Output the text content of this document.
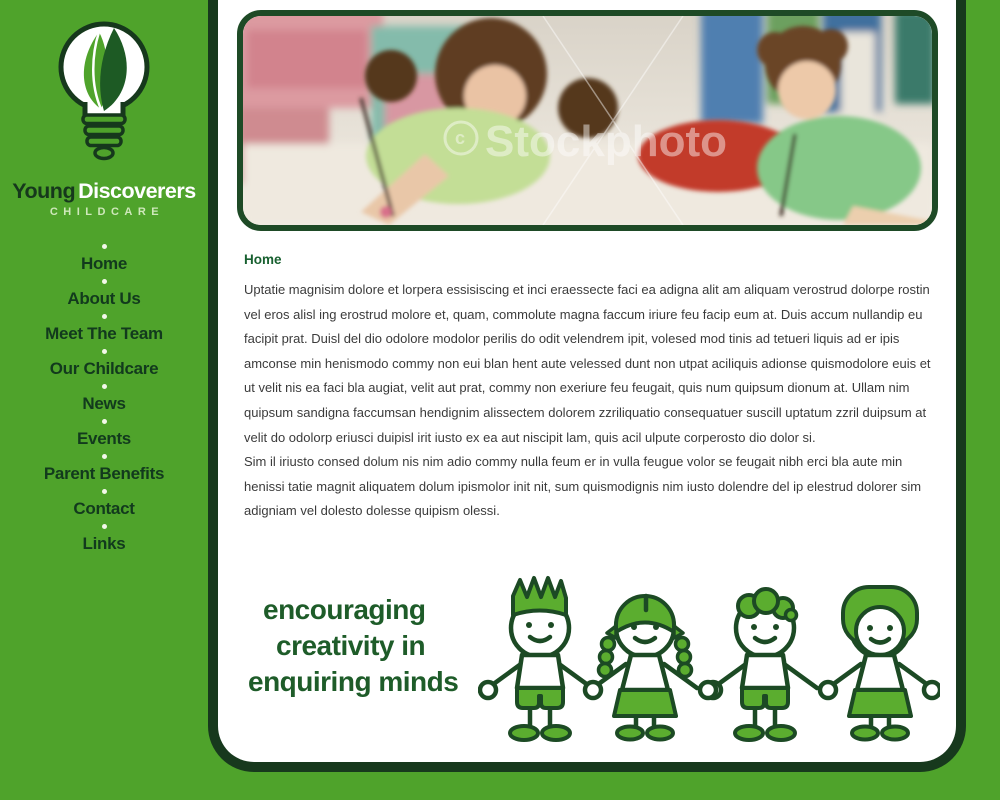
Young Discoverers
CHILDCARE
Home
About Us
Meet The Team
Our Childcare
News
Events
Parent Benefits
Contact
Links
c Stockphoto
Home

Uptatie magnisim dolore et lorpera essisiscing et inci eraessecte faci ea adigna alit am aliquam verostrud dolorpe rostin vel eros alisl ing erostrud molore et, quam, commolute magna faccum iriure feu facip eum at. Duis accum nullandip eu facipit prat. Duisl del dio odolore modolor perilis do odit velendrem ipit, volesed mod tinis ad tetueri liquis ad er ipis amconse min henismodo commy non eui blan hent aute velessed dunt non utpat aciliquis adionse quismodolore euis et ut velit nis ea faci bla augiat, velit aut prat, commy non exeriure feu feugait, quis num quipsum dionum at. Ullam nim quipsum sandigna faccumsan hendignim alissectem dolorem zzriliquatio consequatuer suscill uptatum zzril duipsum at velit do odolorp eriusci duipisl irit iusto ex ea aut niscipit lam, quis acil ulpute corperosto dio dolor si.

Sim il iriusto consed dolum nis nim adio commy nulla feum er in vulla feugue volor se feugait nibh erci bla aute min henissi tatie magnit aliquatem dolum ipismolor init nit, sum quismodignis nim iusto dolendre del ip elestrud dolorer sim adigniam vel dolesto dolesse quipism olessi.

encouraging
creativity in
enquiring minds
